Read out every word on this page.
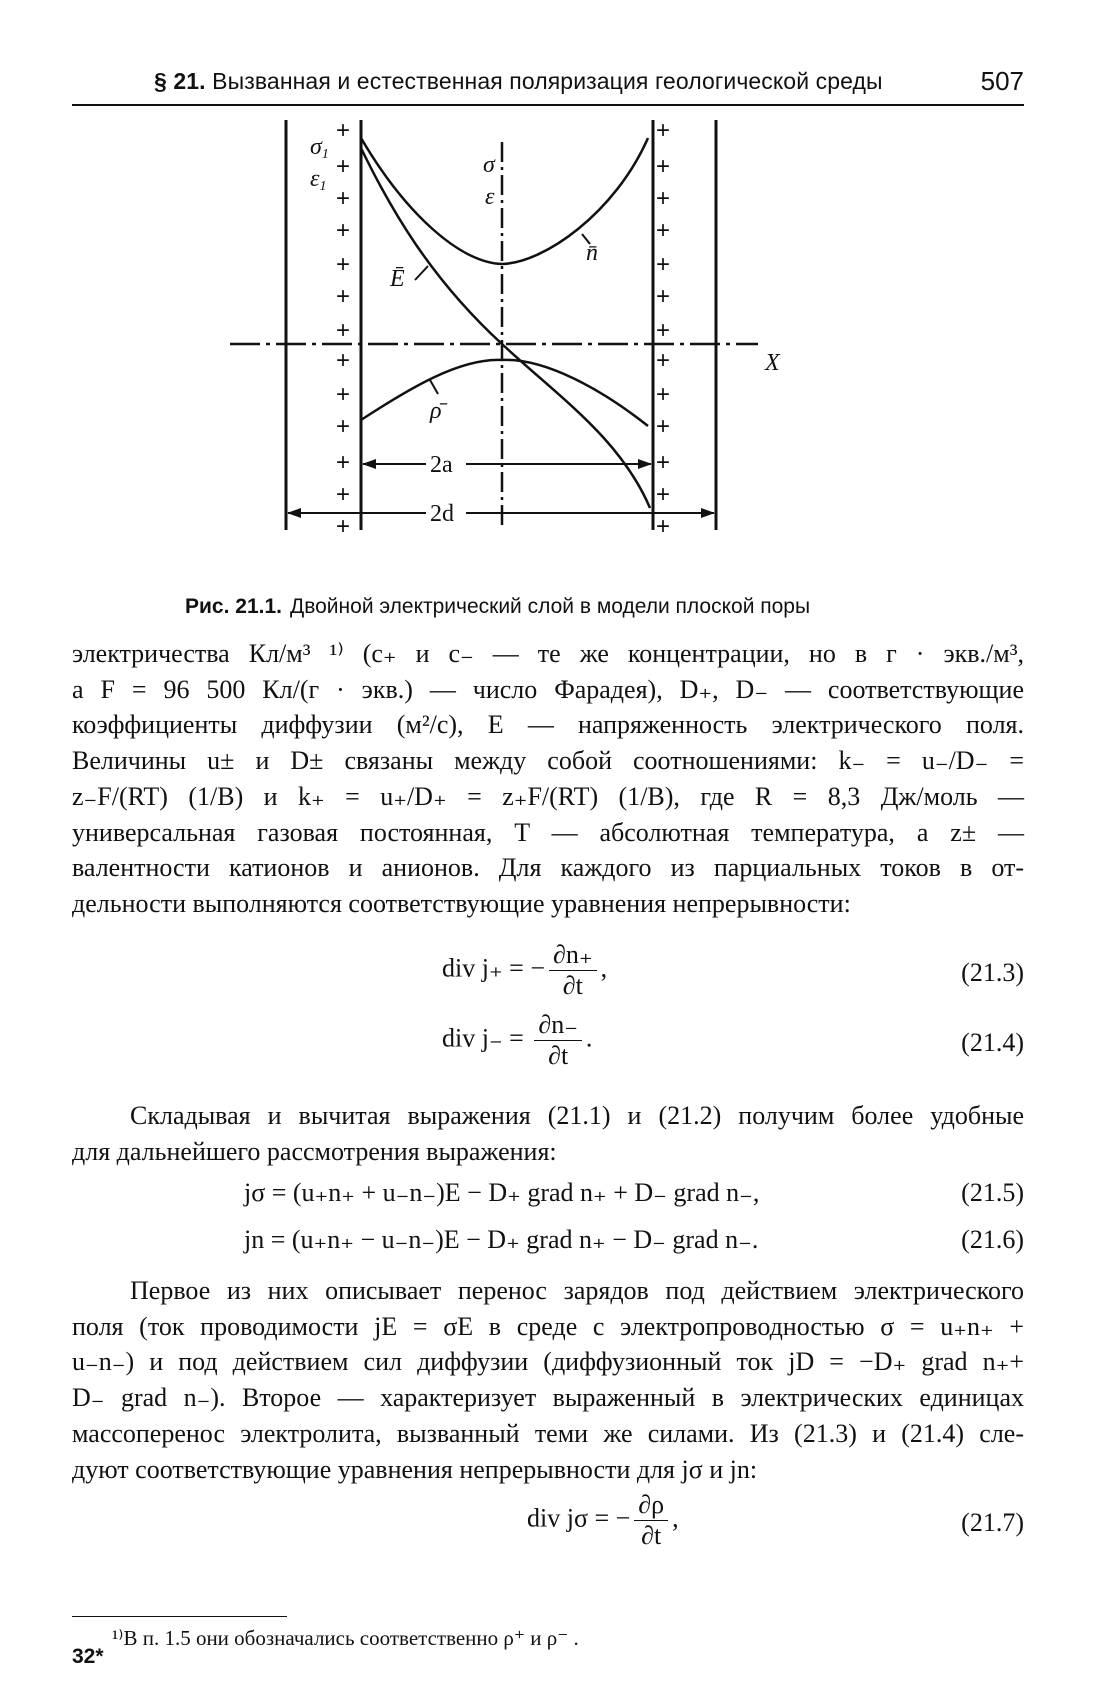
§ 21. Вызванная и естественная поляризация геологической среды	507
σ1
ε1
σ
ε
Ē
n̄
ρ̄
X
2a
2d
+
+
+
+
+
+
+
+
+
+
+
+
+
+
+
+
+
+
+
+
+
+
+
+
+
+
Рис. 21.1. Двойной электрический слой в модели плоской поры
электричества Кл/м³ ¹⁾ (c₊ и c₋ — те же концентрации, но в г · экв./м³,
а F = 96 500 Кл/(г · экв.) — число Фарадея), D₊, D₋ — соответствующие
коэффициенты диффузии (м²/с), E — напряженность электрического поля.
Величины u± и D± связаны между собой соотношениями: k₋ = u₋/D₋ =
z₋F/(RT) (1/В) и k₊ = u₊/D₊ = z₊F/(RT) (1/В), где R = 8,3 Дж/моль —
универсальная газовая постоянная, T — абсолютная температура, а z± —
валентности катионов и анионов. Для каждого из парциальных токов в от-
дельности выполняются соответствующие уравнения непрерывности:
div j₊ = − $\frac{\partial n_+}{\partial t}$ ,	(21.3)
div $j_- = \frac{\partial n_-}{\partial t}$ .	(21.4)
Складывая и вычитая выражения (21.1) и (21.2) получим более удобные
для дальнейшего рассмотрения выражения:
jσ = (u₊n₊ + u₋n₋)E − D₊ grad n₊ + D₋ grad n₋,	(21.5)
jn = (u₊n₊ − u₋n₋)E − D₊ grad n₊ − D₋ grad n₋.	(21.6)
Первое из них описывает перенос зарядов под действием электрического
поля (ток проводимости jE = σE в среде с электропроводностью σ = u₊n₊ +
u₋n₋) и под действием сил диффузии (диффузионный ток jD = −D₊ grad n₊+
D₋ grad n₋). Второе — характеризует выраженный в электрических единицах
массоперенос электролита, вызванный теми же силами. Из (21.3) и (21.4) сле-
дуют соответствующие уравнения непрерывности для jσ и jn:
div jσ = − $\frac{\partial\rho}{\partial t}$ ,	(21.7)
¹⁾В п. 1.5 они обозначались соответственно ρ⁺ и ρ⁻ .
32*
